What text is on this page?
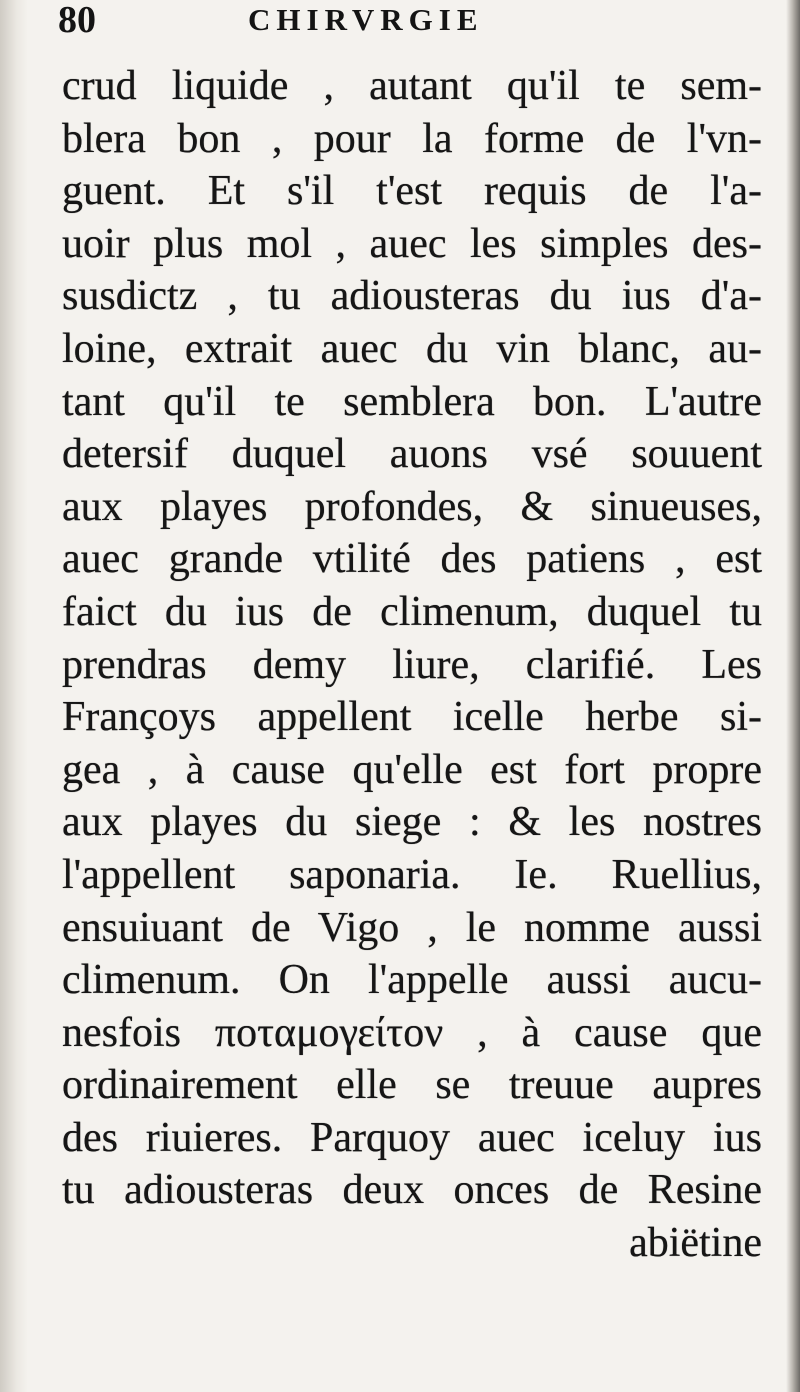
80	CHIRVRGIE
crud liquide , autant qu'il te sem-
blera bon , pour la forme de l'vn-
guent. Et s'il t'est requis de l'a-
uoir plus mol , auec les simples des-
susdictz , tu adiousteras du ius d'a-
loine, extrait auec du vin blanc, au-
tant qu'il te semblera bon. L'autre
detersif duquel auons vsé souuent
aux playes profondes, & sinueuses,
auec grande vtilité des patiens , est
faict du ius de climenum, duquel tu
prendras demy liure, clarifié. Les
Françoys appellent icelle herbe si-
gea , à cause qu'elle est fort propre
aux playes du siege : & les nostres
l'appellent saponaria. Ie. Ruellius,
ensuiuant de Vigo , le nomme aussi
climenum. On l'appelle aussi aucu-
nesfois ποταμογείτον , à cause que
ordinairement elle se treuue aupres
des riuieres. Parquoy auec iceluy ius
tu adiousteras deux onces de Resine
abiëtine
